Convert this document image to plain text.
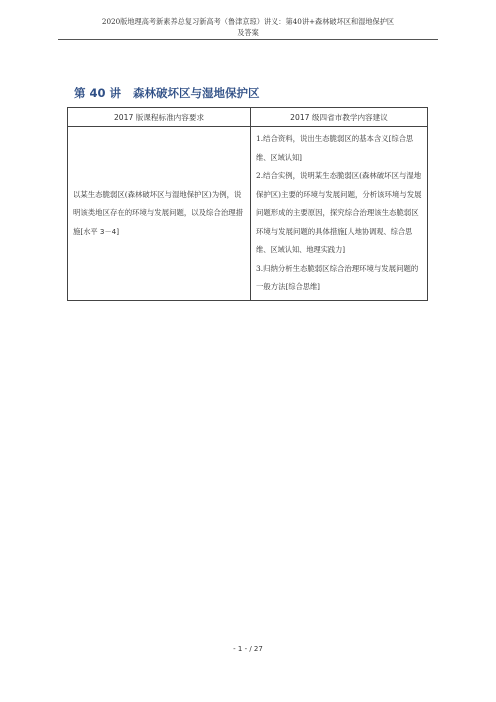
2020版地理高考新素养总复习新高考（鲁津京琼）讲义：第40讲+森林破坏区和湿地保护区
及答案
第 40 讲 森林破坏区与湿地保护区
2017 版课程标准内容要求	2017 级四省市教学内容建议
以某生态脆弱区(森林破坏区与湿地保护区)为例，说明该类地区存在的环境与发展问题，以及综合治理措施[水平 3－4]	1.结合资料，说出生态脆弱区的基本含义[综合思维、区域认知]
2.结合实例，说明某生态脆弱区(森林破坏区与湿地保护区)主要的环境与发展问题，分析该环境与发展问题形成的主要原因，探究综合治理该生态脆弱区环境与发展问题的具体措施[人地协调观、综合思维、区域认知、地理实践力]
3.归纳分析生态脆弱区综合治理环境与发展问题的一般方法[综合思维]
- 1 - / 27
